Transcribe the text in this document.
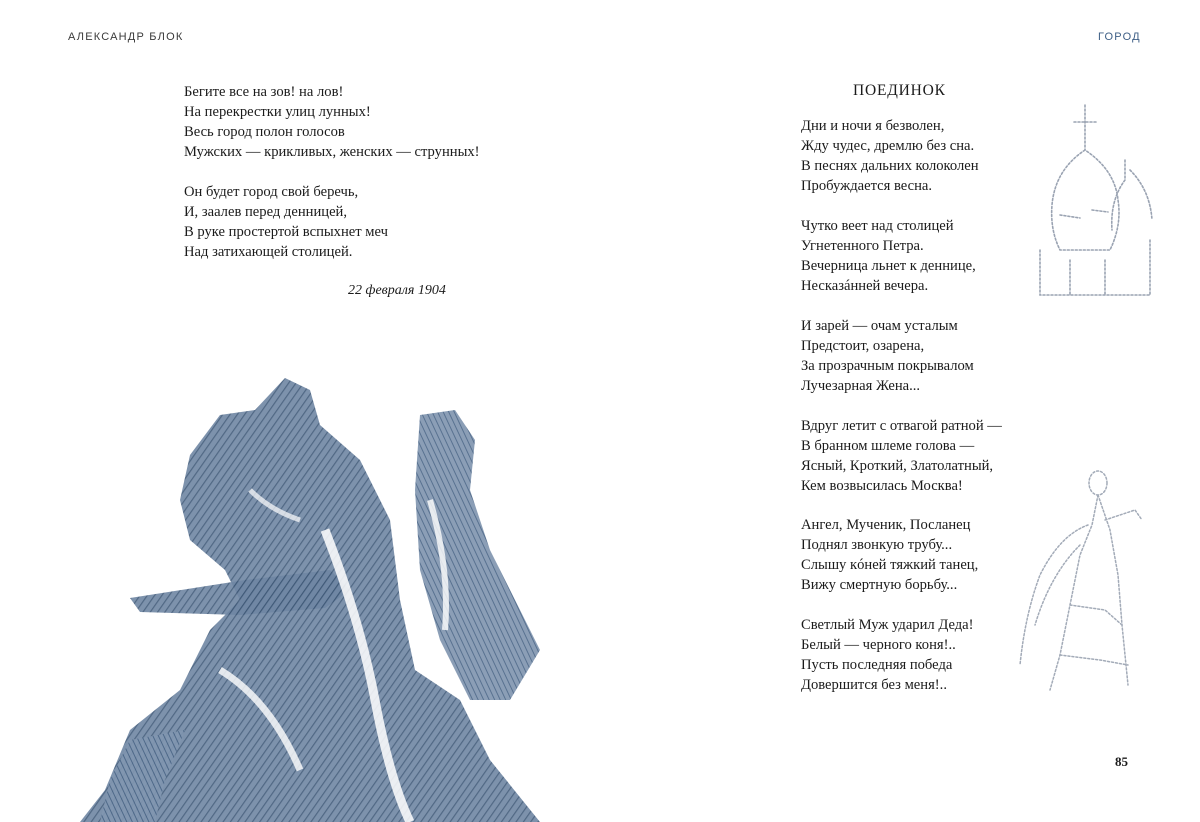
АЛЕКСАНДР БЛОК	ГОРОД
Бегите все на зов! на лов!
На перекрестки улиц лунных!
Весь город полон голосов
Мужских — крикливых, женских — струнных!
Он будет город свой беречь,
И, заалев перед денницей,
В руке простертой вспыхнет меч
Над затихающей столицей.
22 февраля 1904
ПОЕДИНОК
Дни и ночи я безволен,
Жду чудес, дремлю без сна.
В песнях дальних колоколен
Пробуждается весна.
Чутко веет над столицей
Угнетенного Петра.
Вечерница льнет к деннице,
Несказáнней вечера.
И зарей — очам усталым
Предстоит, озарена,
За прозрачным покрывалом
Лучезарная Жена...
Вдруг летит с отвагой ратной —
В бранном шлеме голова —
Ясный, Кроткий, Златолатный,
Кем возвысилась Москва!
Ангел, Мученик, Посланец
Поднял звонкую трубу...
Слышу кóней тяжкий танец,
Вижу смертную борьбу...
Светлый Муж ударил Деда!
Белый — черного коня!..
Пусть последняя победа
Довершится без меня!..
85
